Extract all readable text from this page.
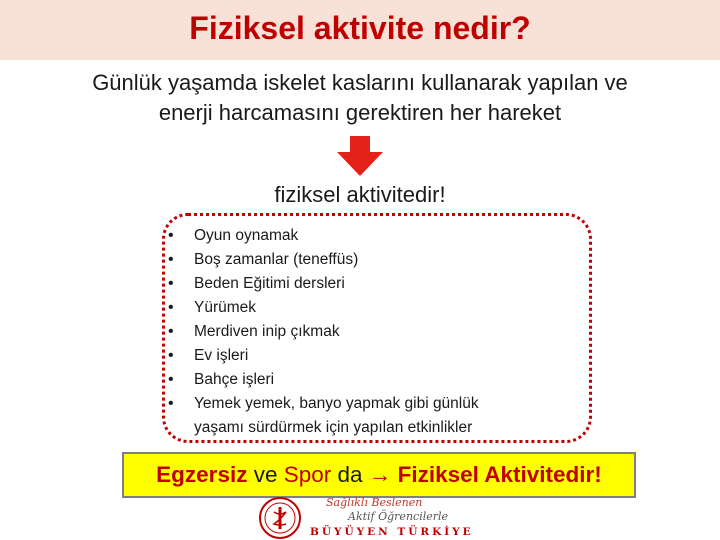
Fiziksel aktivite nedir?
Günlük yaşamda iskelet kaslarını kullanarak yapılan ve
enerji harcamasını gerektiren her hareket
fiziksel aktivitedir!
• Oyun oynamak
• Boş zamanlar (teneffüs)
• Beden Eğitimi dersleri
• Yürümek
• Merdiven inip çıkmak
• Ev işleri
• Bahçe işleri
• Yemek yemek, banyo yapmak gibi günlük
yaşamı sürdürmek için yapılan etkinlikler
Egzersiz ve Spor da → Fiziksel Aktivitedir!
Sağlıklı Beslenen
Aktif Öğrencilerle
BÜYÜYEN TÜRKİYE
